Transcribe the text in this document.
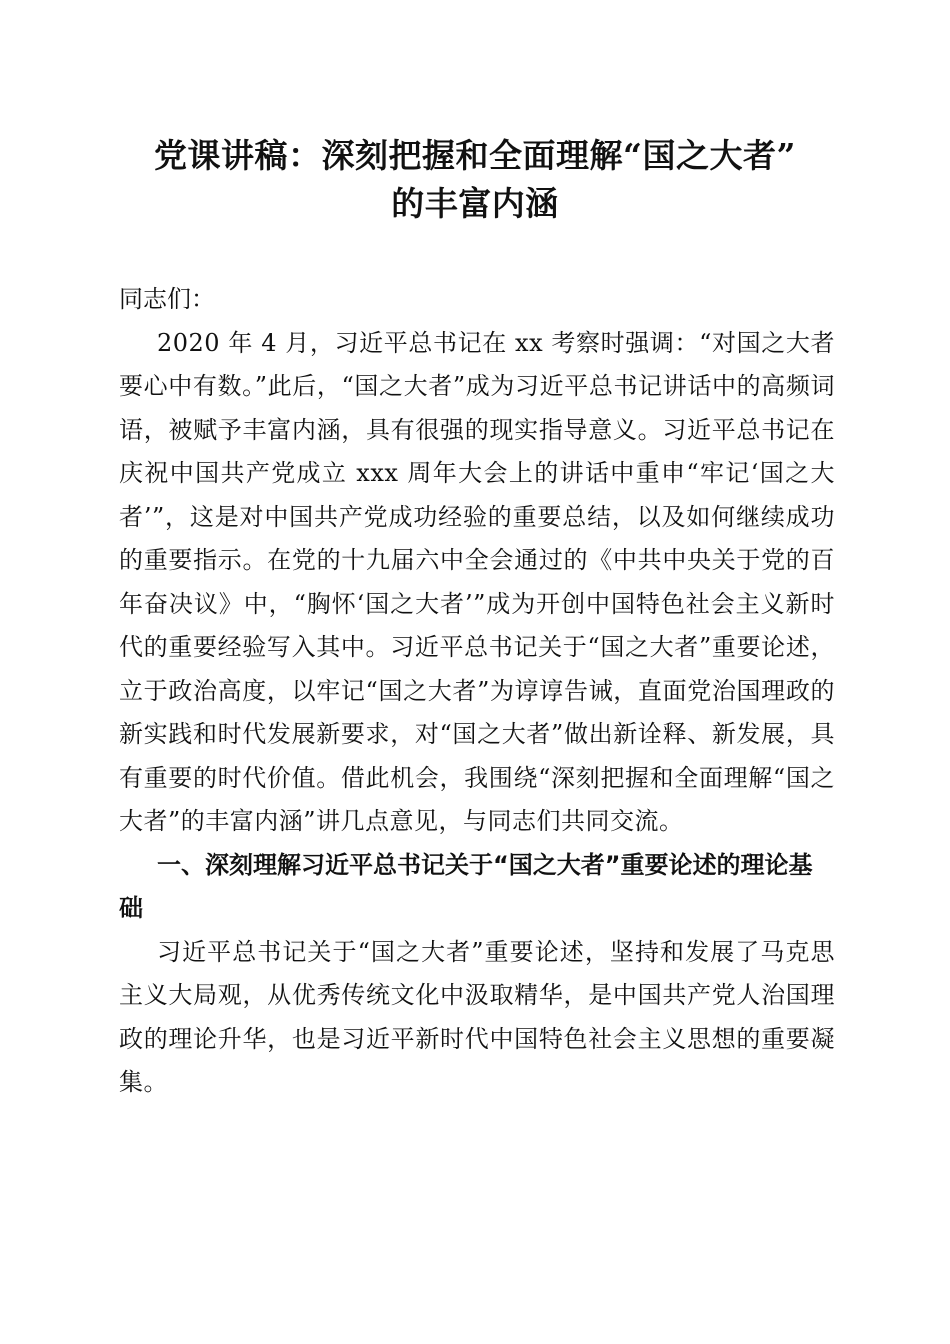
党课讲稿：深刻把握和全面理解“国之大者”
的丰富内涵

同志们：

2020 年 4 月，习近平总书记在 xx 考察时强调：“对国之大者要心中有数。”此后，“国之大者”成为习近平总书记讲话中的高频词语，被赋予丰富内涵，具有很强的现实指导意义。习近平总书记在庆祝中国共产党成立 xxx 周年大会上的讲话中重申“牢记‘国之大者’”，这是对中国共产党成功经验的重要总结，以及如何继续成功的重要指示。在党的十九届六中全会通过的《中共中央关于党的百年奋决议》中，“胸怀‘国之大者’”成为开创中国特色社会主义新时代的重要经验写入其中。习近平总书记关于“国之大者”重要论述，立于政治高度，以牢记“国之大者”为谆谆告诫，直面党治国理政的新实践和时代发展新要求，对“国之大者”做出新诠释、新发展，具有重要的时代价值。借此机会，我围绕“深刻把握和全面理解“国之大者”的丰富内涵”讲几点意见，与同志们共同交流。

一、深刻理解习近平总书记关于“国之大者”重要论述的理论基础

习近平总书记关于“国之大者”重要论述，坚持和发展了马克思主义大局观，从优秀传统文化中汲取精华，是中国共产党人治国理政的理论升华，也是习近平新时代中国特色社会主义思想的重要凝集。
